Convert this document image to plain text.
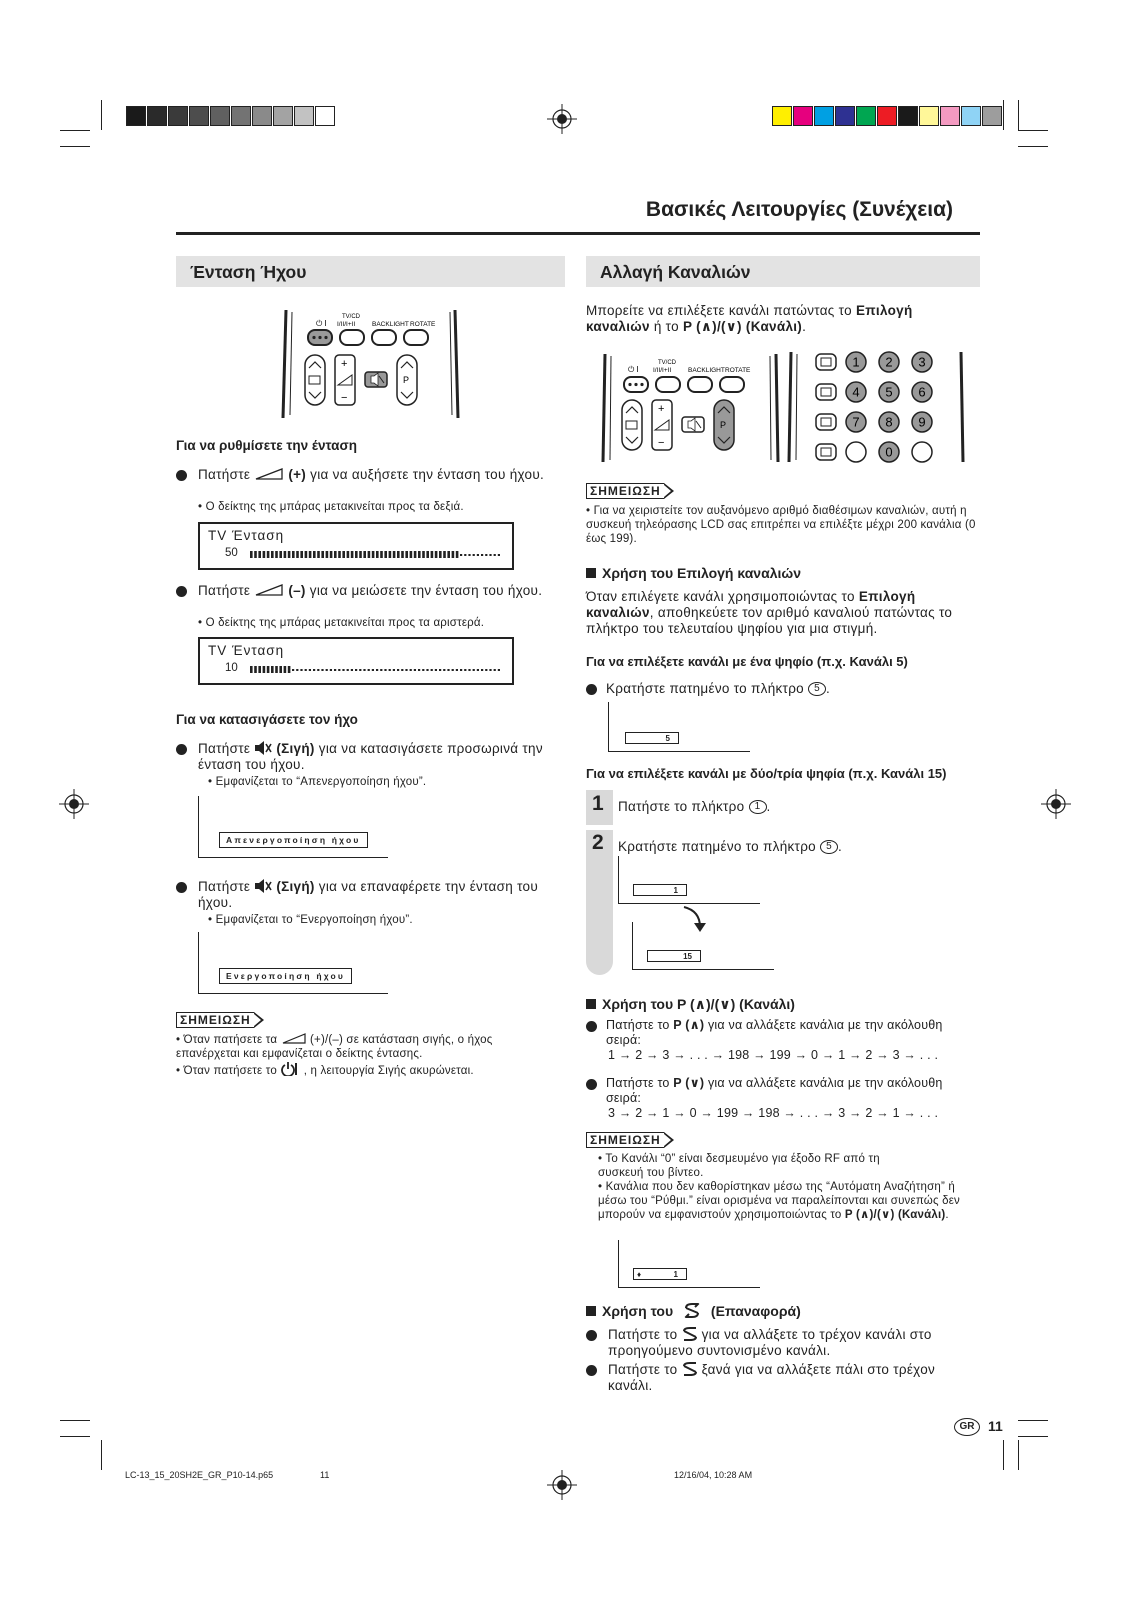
Βασικές Λειτουργίες (Συνέχεια)
Ένταση Ήχου
⏻ I
TV/CD
I/II/I+II	BACKLIGHT ROTATE
+
−
P
Για να ρυθμίσετε την ένταση
Πατήστε	(+) για να αυξήσετε την ένταση του ήχου.
• Ο δείκτης της μπάρας μετακινείται προς τα δεξιά.
TV Ένταση
50
Πατήστε	(–) για να μειώσετε την ένταση του ήχου.
• Ο δείκτης της μπάρας μετακινείται προς τα αριστερά.
TV Ένταση
10
Για να κατασιγάσετε τον ήχο
Πατήστε (Σιγή) για να κατασιγάσετε προσωρινά την ένταση του ήχου.
• Εμφανίζεται το “Απενεργοποίηση ήχου”.
Απενεργοποίηση ήχου
Πατήστε (Σιγή) για να επαναφέρετε την ένταση του ήχου.
• Εμφανίζεται το “Ενεργοποίηση ήχου”.
Ενεργοποίηση ήχου
ΣΗΜΕΙΩΣΗ
• Όταν πατήσετε τα	(+)/(–) σε κατάσταση σιγής, ο ήχος επανέρχεται και εμφανίζεται ο δείκτης έντασης.
• Όταν πατήσετε το , η λειτουργία Σιγής ακυρώνεται.
Αλλαγή Καναλιών
Μπορείτε να επιλέξετε κανάλι πατώντας το Επιλογή καναλιών ή το P (∧)/(∨) (Κανάλι).
⏻ I
TV/CD
I/II/I+II	BACKLIGHT ROTATE
+
−
P
1 2 3
4 5 6
7 8 9
0
ΣΗΜΕΙΩΣΗ
• Για να χειριστείτε τον αυξανόμενο αριθμό διαθέσιμων καναλιών, αυτή η συσκευή τηλεόρασης LCD σας επιτρέπει να επιλέξτε μέχρι 200 κανάλια (0 έως 199).
Χρήση του Επιλογή καναλιών
Όταν επιλέγετε κανάλι χρησιμοποιώντας το Επιλογή καναλιών, αποθηκεύετε τον αριθμό καναλιού πατώντας το πλήκτρο του τελευταίου ψηφίου για μια στιγμή.
Για να επιλέξετε κανάλι με ένα ψηφίο (π.χ. Κανάλι 5)
Κρατήστε πατημένο το πλήκτρο 5 .
5
Για να επιλέξετε κανάλι με δύο/τρία ψηφία (π.χ. Κανάλι 15)
1 Πατήστε το πλήκτρο 1 .
2 Κρατήστε πατημένο το πλήκτρο 5 .
1
15
Χρήση του P (∧)/(∨) (Κανάλι)
Πατήστε το P (∧) για να αλλάξετε κανάλια με την ακόλουθη σειρά:
1 → 2 → 3 → . . . → 198 → 199 → 0 → 1 → 2 → 3 → . . .
Πατήστε το P (∨) για να αλλάξετε κανάλια με την ακόλουθη σειρά:
3 → 2 → 1 → 0 → 199 → 198 → . . . → 3 → 2 → 1 → . . .
ΣΗΜΕΙΩΣΗ
• Το Κανάλι “0” είναι δεσμευμένο για έξοδο RF από τη συσκευή του βίντεο.
• Κανάλια που δεν καθορίστηκαν μέσω της “Αυτόματη Αναζήτηση” ή μέσω του “Ρύθμι.” είναι ορισμένα να παραλείπονται και συνεπώς δεν μπορούν να εμφανιστούν χρησιμοποιώντας το P (∧)/(∨) (Κανάλι).
♦	1
Χρήση του	(Επαναφορά)
Πατήστε το για να αλλάξετε το τρέχον κανάλι στο προηγούμενο συντονισμένο κανάλι.
Πατήστε το ξανά για να αλλάξετε πάλι στο τρέχον κανάλι.
GR 11
LC-13_15_20SH2E_GR_P10-14.p65	11	12/16/04, 10:28 AM
